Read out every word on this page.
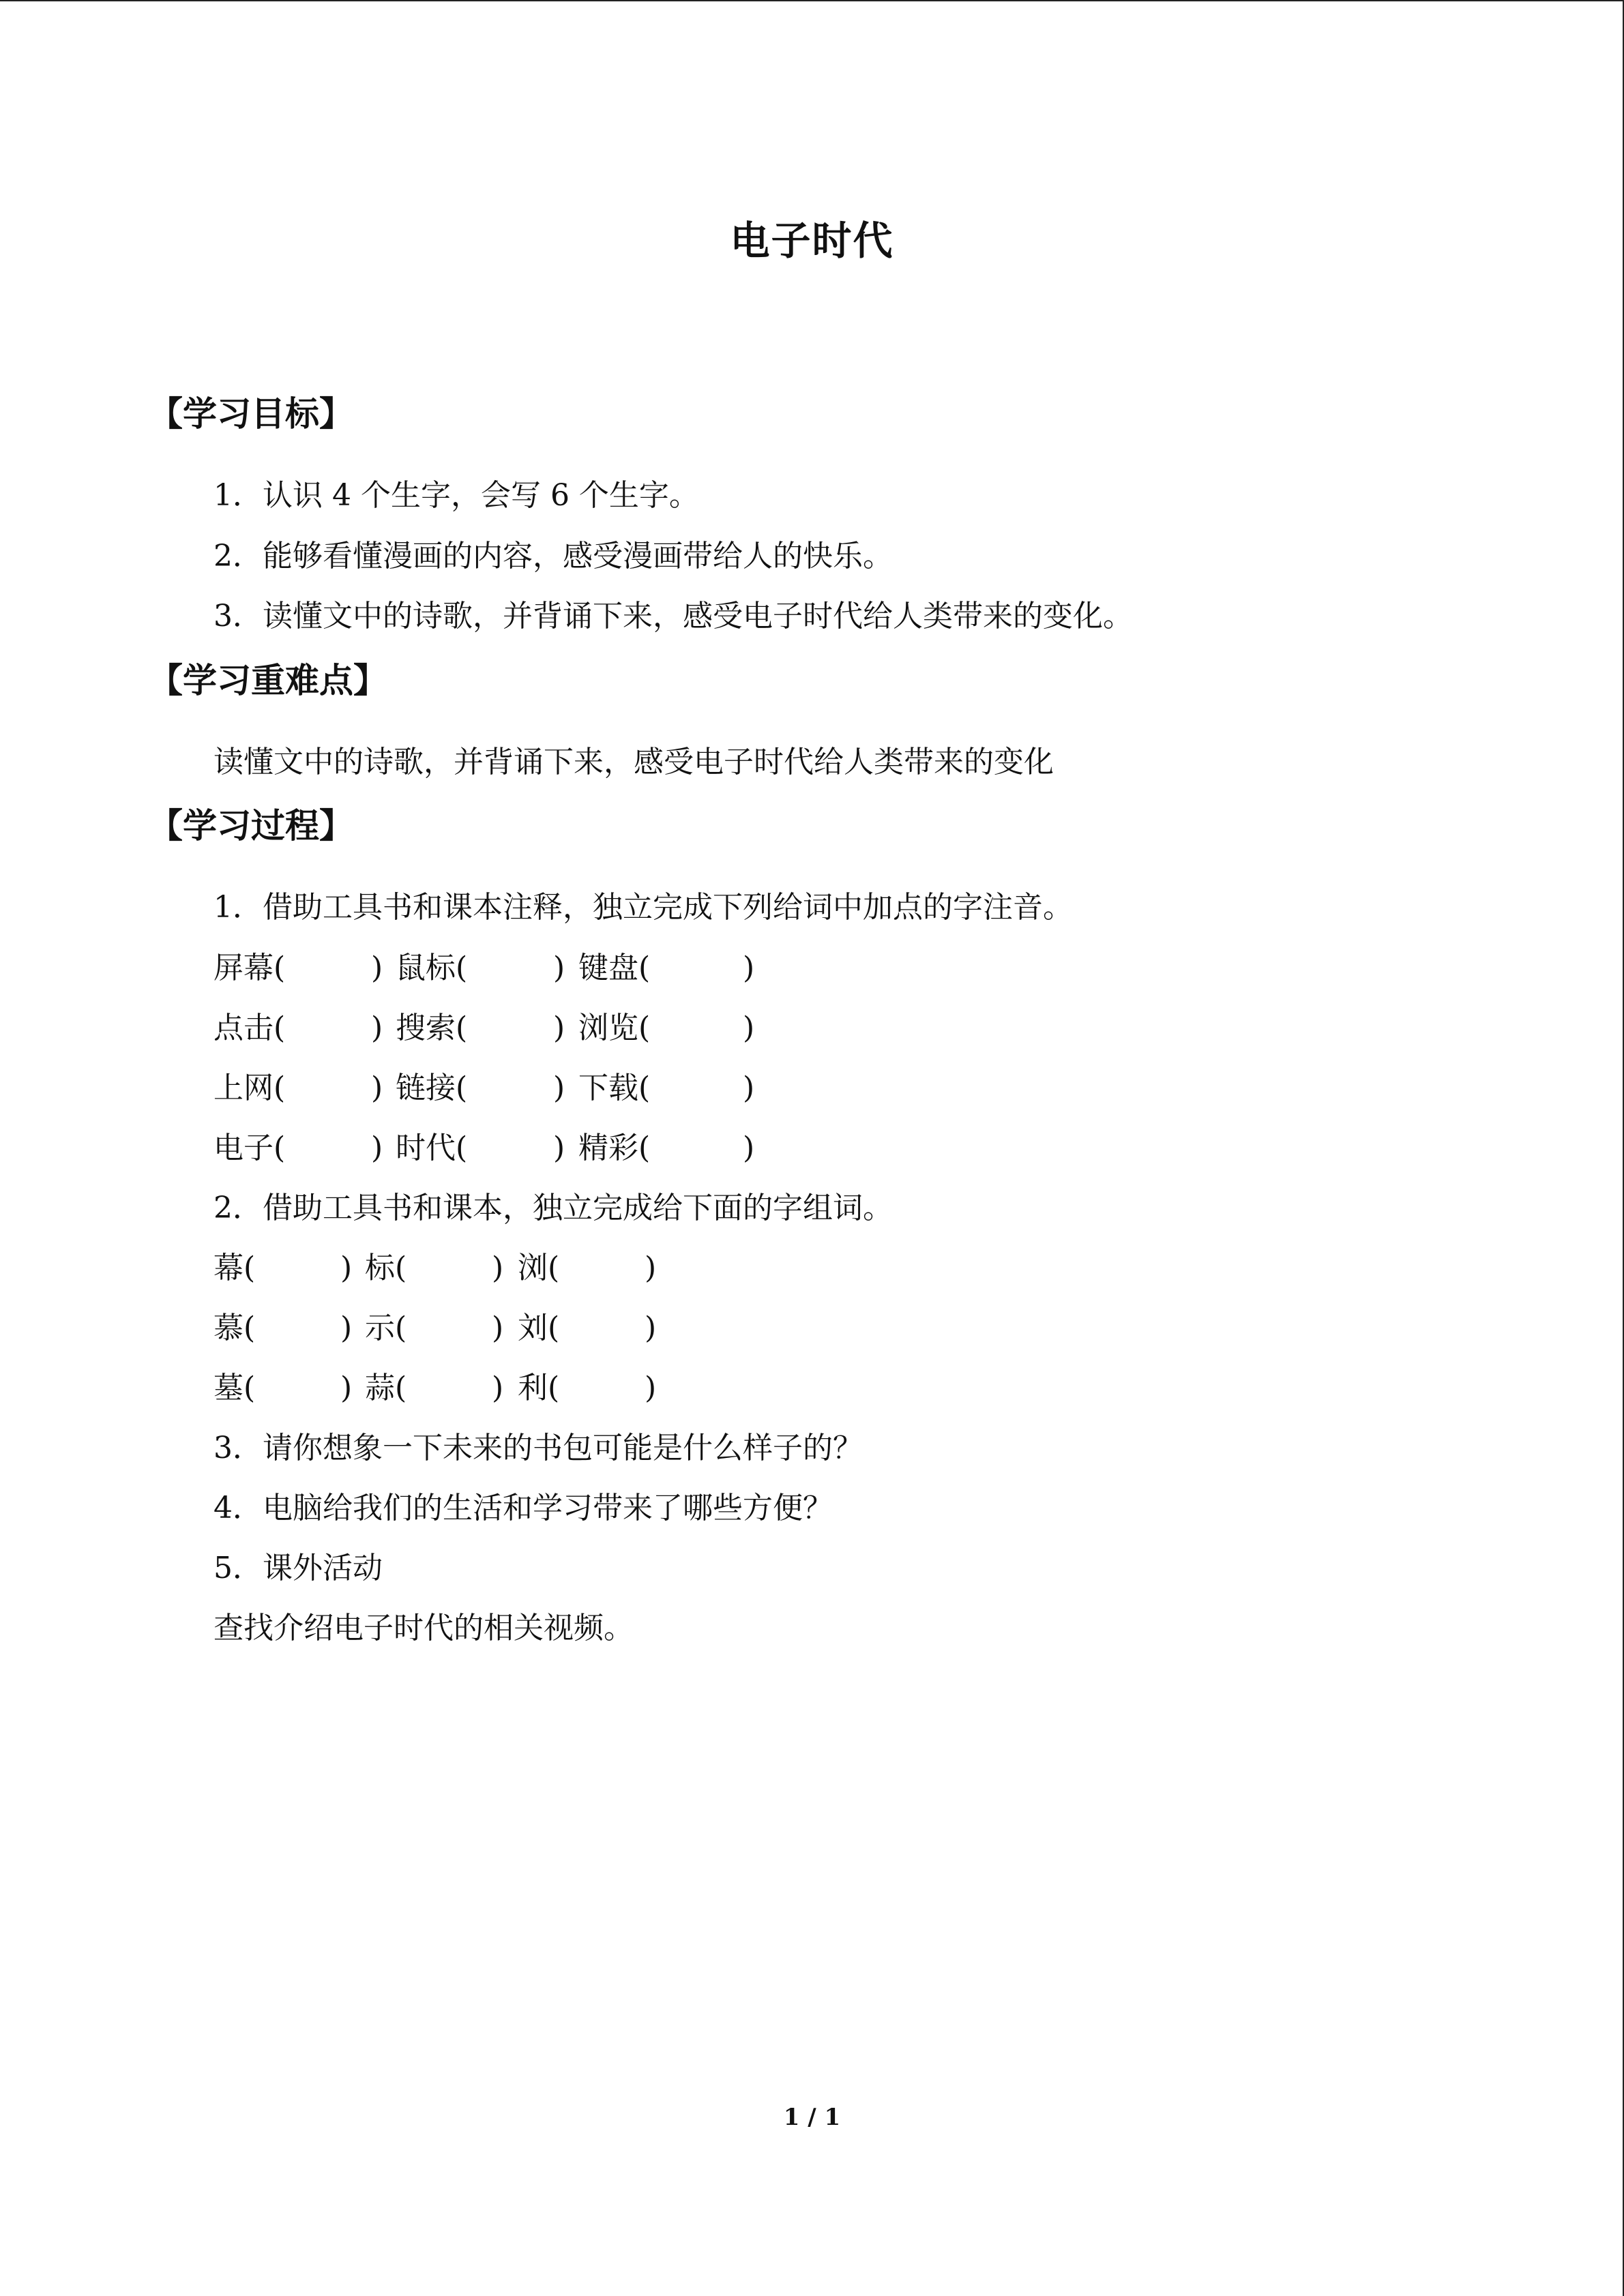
电子时代
【学习目标】
1．认识 4 个生字，会写 6 个生字。
2．能够看懂漫画的内容，感受漫画带给人的快乐。
3．读懂文中的诗歌，并背诵下来，感受电子时代给人类带来的变化。
【学习重难点】
读懂文中的诗歌，并背诵下来，感受电子时代给人类带来的变化
【学习过程】
1．借助工具书和课本注释，独立完成下列给词中加点的字注音。
屏幕(	) 鼠标(	) 键盘(	)
点击(	) 搜索(	) 浏览(	)
上网(	) 链接(	) 下载(	)
电子(	) 时代(	) 精彩(	)
2．借助工具书和课本，独立完成给下面的字组词。
幕(	) 标(	) 浏(	)
慕(	) 示(	) 刘(	)
墓(	) 蒜(	) 利(	)
3．请你想象一下未来的书包可能是什么样子的？
4．电脑给我们的生活和学习带来了哪些方便？
5．课外活动
查找介绍电子时代的相关视频。
1 / 1
